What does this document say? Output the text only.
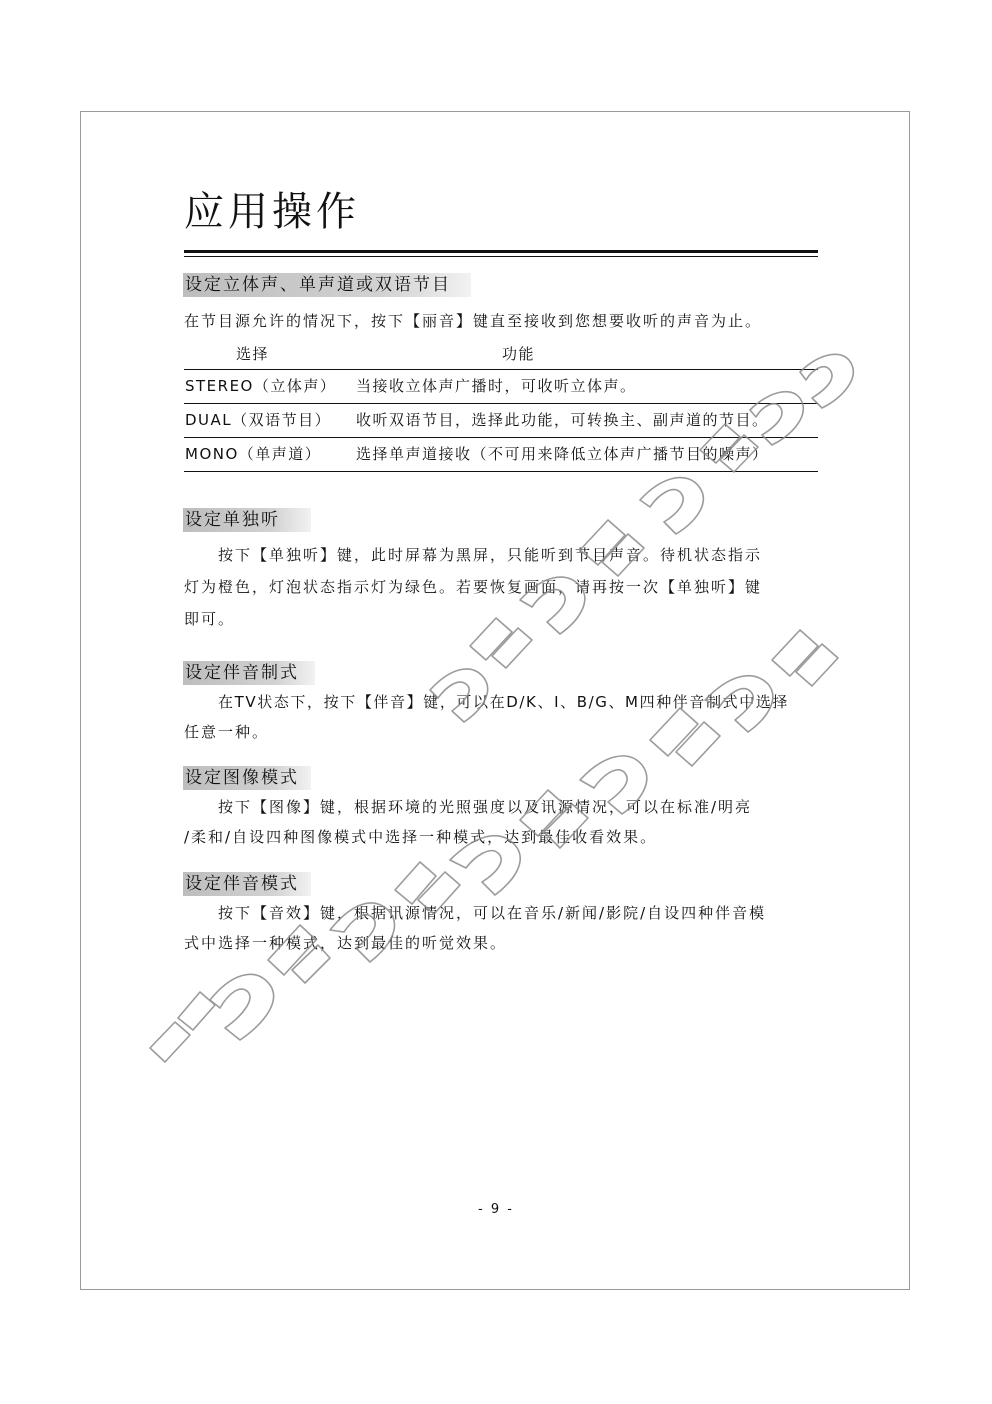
应用操作
设定立体声、单声道或双语节目

在节目源允许的情况下，按下【丽音】键直至接收到您想要收听的声音为止。

选择	功能
STEREO（立体声） 当接收立体声广播时，可收听立体声。
DUAL（双语节目） 收听双语节目，选择此功能，可转换主、副声道的节目。
MONO（单声道） 选择单声道接收（不可用来降低立体声广播节目的噪声）
设定单独听
按下【单独听】键，此时屏幕为黑屏，只能听到节目声音。待机状态指示
灯为橙色，灯泡状态指示灯为绿色。若要恢复画面，请再按一次【单独听】键
即可。
设定伴音制式
在TV状态下，按下【伴音】键，可以在D/K、I、B/G、M四种伴音制式中选择
任意一种。
设定图像模式
按下【图像】键，根据环境的光照强度以及讯源情况，可以在标准/明亮
/柔和/自设四种图像模式中选择一种模式，达到最佳收看效果。
设定伴音模式
按下【音效】键，根据讯源情况，可以在音乐/新闻/影院/自设四种伴音模
式中选择一种模式，达到最佳的听觉效果。
- 9 -
